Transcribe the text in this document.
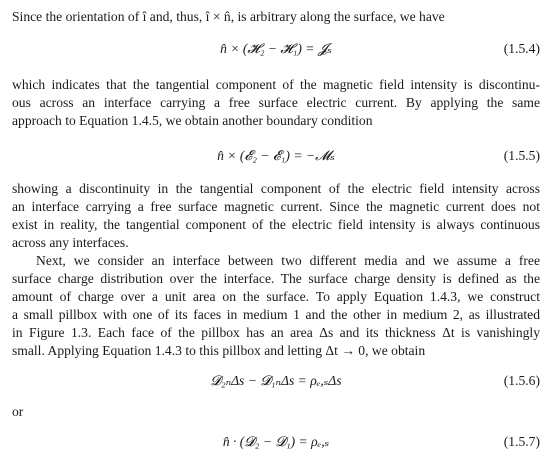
Since the orientation of î and, thus, î × n̂, is arbitrary along the surface, we have
n̂ × (𝓗₂ − 𝓗₁) = 𝓙ₛ	(1.5.4)
which indicates that the tangential component of the magnetic field intensity is discontinu-
ous across an interface carrying a free surface electric current. By applying the same
approach to Equation 1.4.5, we obtain another boundary condition
n̂ × (𝓔₂ − 𝓔₁) = −𝓜ₛ	(1.5.5)
showing a discontinuity in the tangential component of the electric field intensity across
an interface carrying a free surface magnetic current. Since the magnetic current does not
exist in reality, the tangential component of the electric field intensity is always continuous
across any interfaces.
Next, we consider an interface between two different media and we assume a free
surface charge distribution over the interface. The surface charge density is defined as the
amount of charge over a unit area on the surface. To apply Equation 1.4.3, we construct
a small pillbox with one of its faces in medium 1 and the other in medium 2, as illustrated
in Figure 1.3. Each face of the pillbox has an area Δs and its thickness Δt is vanishingly
small. Applying Equation 1.4.3 to this pillbox and letting Δt → 0, we obtain
𝓓₂ₙΔs − 𝓓₁ₙΔs = ρₑ,ₛΔs	(1.5.6)
or
n̂ · (𝓓₂ − 𝓓₁) = ρₑ,ₛ	(1.5.7)
